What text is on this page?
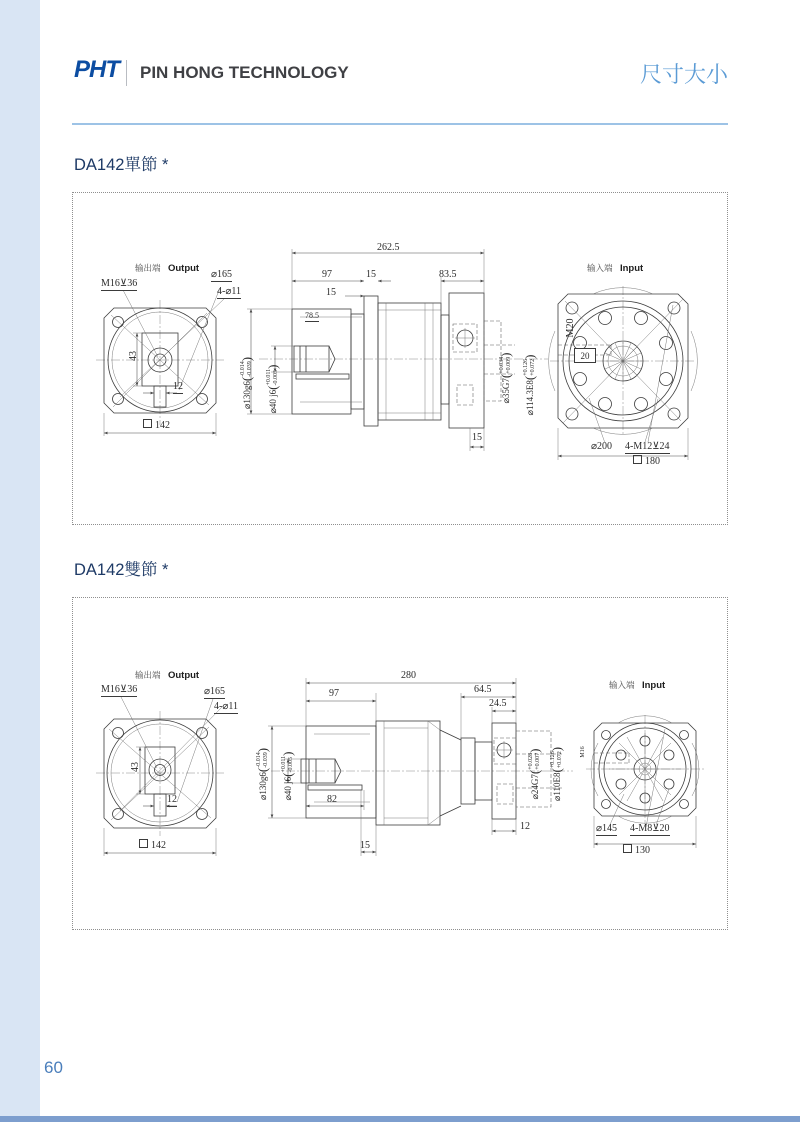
PHT PIN HONG TECHNOLOGY	尺寸大小
DA142單節 *
输出端 Output
M16⊻36
⌀165
4-⌀11
43
12
142
262.5
97	15	83.5
15
78.5
15
⌀130g6
(
-0.014 -0.039
)
⌀40 j6
(
+0.011 -0.005
)
⌀35G7
(
+0.034 +0.009
)
⌀114.3E8
(
+0.126 +0.072
)
输入端 Input
M20
20
⌀200 4-M12⊻24
180
DA142雙節 *
输出端 Output
M16⊻36	⌀165
4-⌀11
43
12
142
280
97	64.5
24.5
82
15
12
⌀130g6
(
-0.014 -0.039
)
⌀40 j6
(
+0.011 -0.005
)
⌀24G7
(
+0.028 +0.007
)
⌀110E8
(
+0.126 +0.072
)
输入端 Input
M16
⌀145 4-M8⊻20
130
60
